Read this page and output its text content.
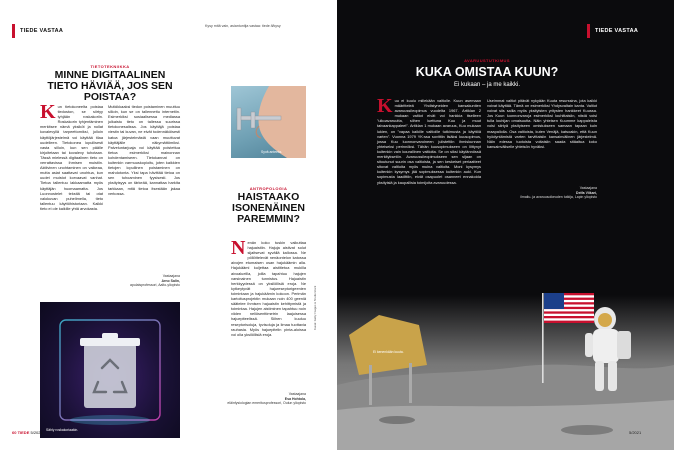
TIEDE VASTAA
Kysy mitä vain, asiantuntija vastaa: tiede.fi/kysy
TIETOTEKNIIKKA
MINNE DIGITAALINEN TIETO HÄVIÄÄ, JOS SEN POISTAA?
K un tietokoneelta poistaa tiedoston, se siirtyy tyhjään roskakoriin. Roskakorin tyhjentäminen merkitsee nämä yksiköt ja nollat kovalevyllä tarpeettomiksi, jolloin käyttöjärjestelmä voi käyttää tilaa uudelleen. Tietokonea lopullisesti vasta silloin, kun sen päälle kirjoitetaan tai kovalevy tuhotaan. Tässä mielessä digitaalinen tieto on verrattavissa ihmisen muistiin. Aktiivinen unohtaminen on vaikeaa, mutta asiat saattavat unohtua, kun uudet muistot korvaavat vanhat. Tietoa tallentuu lakkaamatta myös käyttäjän huomaamatta. Jos Luonnostelet tekstiä tai otat valokuvan puhelimella, tieto tallentuu käyttöhistoriaan. Kaikki tieto ei ole kaikille yhtä arvokasta.
Mutkikkaaksi tiedon poistaminen muuttuu silloin, kun se on tallennettu internetiin. Esimerkiksi sosiaalisessa mediassa julkaistu tieto on tallessa suurissa tietokonesalissa. Jos käyttäjä poistaa viestin tai kuvan, ne eivät todennäköisesti katoa järjestelmästä vaan muuttuvat käyttäjälle näkymättömiksi. Palveluntarjoaja voi käyttää poistettua tietoa esimerkiksi mainonnan kohdentamiseen. Tietokannat on kuitenkin varmuuskopioitu, joten kaikkien tietojen lopullinen poistaminen on mahdotonta. Yksi tapa hävittää tietoa on sen tuhoaminen fyysisesti. Jos yksityisyys on tärkeää, kannattaa harkita tarkkaan, mitä tietoa itsestään jakaa verkossa.
Vastaajana
Arno Salin,
apulaisprofessori, Aalto-yliopisto
Sähly roskakoriaakin.
Syvä anteeks.
ANTROPOLOGIA
HAISTAAKO ISONENÄINEN PAREMMIN?
N enän koko tuskin vaikuttaa hajuaistiin. Hajuja aistivat solut sijaitsevat syvällä kallossa. Ne pöllöttelevät nenäontelon katossa aivojen etumaisen osan hajukäämin alla. Hajukäämi kuljettaa aistitietoa mukilla aivoalueilla, joilla tapahtuu hajujen varsinainen tunnistus. Hajuaistin herkkyydessä on yksilöllisiä eroja. Ne kytkeytyvät hajureseptorigeenien toimintaan ja hajukäämin kokoon. Perimän kartoitusprojektin mukaan noin 400 geeniä säätelee ihmisen hajuaistin kehittymistä ja toimintaa. Hajujen aistiminen tapahtuu noin viiden neliösenttimetrin laajuisessa hajuepiteelissä. Siihen kuuluu reseptorisoluja, tyvisoluja ja limaa tuottavia rauhasia. Myös hajuepitelin pinta-aloissa voi olla yksilöllisiä eroja.
Vastaajana
Esa Hohtola,
eläinfysiologian emeritusprofessori, Oulun yliopisto
Kuvat: Getty Images & Shutterstock
60 TIEDE 5/2021
Ei kenenkään kuuta.
TIEDE VASTAA
AVARUUSTUTKIMUS
KUKA OMISTAA KUUN?
Ei kukaan – ja me kaikki.
K uu ei kuulu millekään valtiolle. Kuun asemaan määritteleä Yhdistyneiden kansakuntien avaruussileopimus vuodelta 1967. Artiklan 2 mukaan valtiot eivät voi hankkia itselleen "ulkoavaruutta, siihen luettuna Kuu ja muut taivaankappaleet". Artiklan 1 mukaan avaruus, Kuu mukaan lukien, on "vapaa kaikille valtioille tutkimusta ja käyttöä varten". Vuonna 1979 YK:ssa sovittiin lisäksi kuusopimus, jossa Kuu luonnonvaroineen julistettiin ihmiskunnan yhteiseksi perinnöksi. Tähän kuusopimukseen on liittynyt kuitenkin vain kourallinen valtioita. Se on siksi käytännössä merkityksetön. Avaruussileopimukseen sen sijaan on sitoutunut suurin osa valtioista, ja sen keskeiset periaatteet sitovat valtioita myös muina valtioita. Moni kysymys kuitenkin kysymys jää sopimuksessa kuitenkin auki. Kun sopimusta laadittiin, eivät osapuolet osanneet ennakoida yksityisiä ja kaupallisia toimijoita avaruudessa.
Useimmat valtiot pitävät nykyään Kuuta resurssina, jota kaikki voivat käyttää. Tämä on esimerkiksi Yhdysvaltain kanta. Valtiot voivat siis sallia myös yksityisten yritysten hankkeet Kuussa. Jos Kuun luonnonvaroja esimerkiksi louhittaisiin, niistä voisi tulla louhijan omaisuutta. Näin yhteisen Kuumme kappaleista voisi siirtyä yksityiseen omistukseen samaan tapaan kuin maapallolla. Osa valtioista, kuten Venäjä, katsoakin, että Kuun hyödyntämistä varten tarvittaisiin kansainvälinen järjestelmä. Näin edessa tuotoista voitaisiin saada sitäaitua koko kansainväliselle yhteisön hyväksi.
Vastaajana
Delfa Viikari,
ilmailu- ja avaruusoikeuden tutkija, Lapin yliopisto
5/2021
